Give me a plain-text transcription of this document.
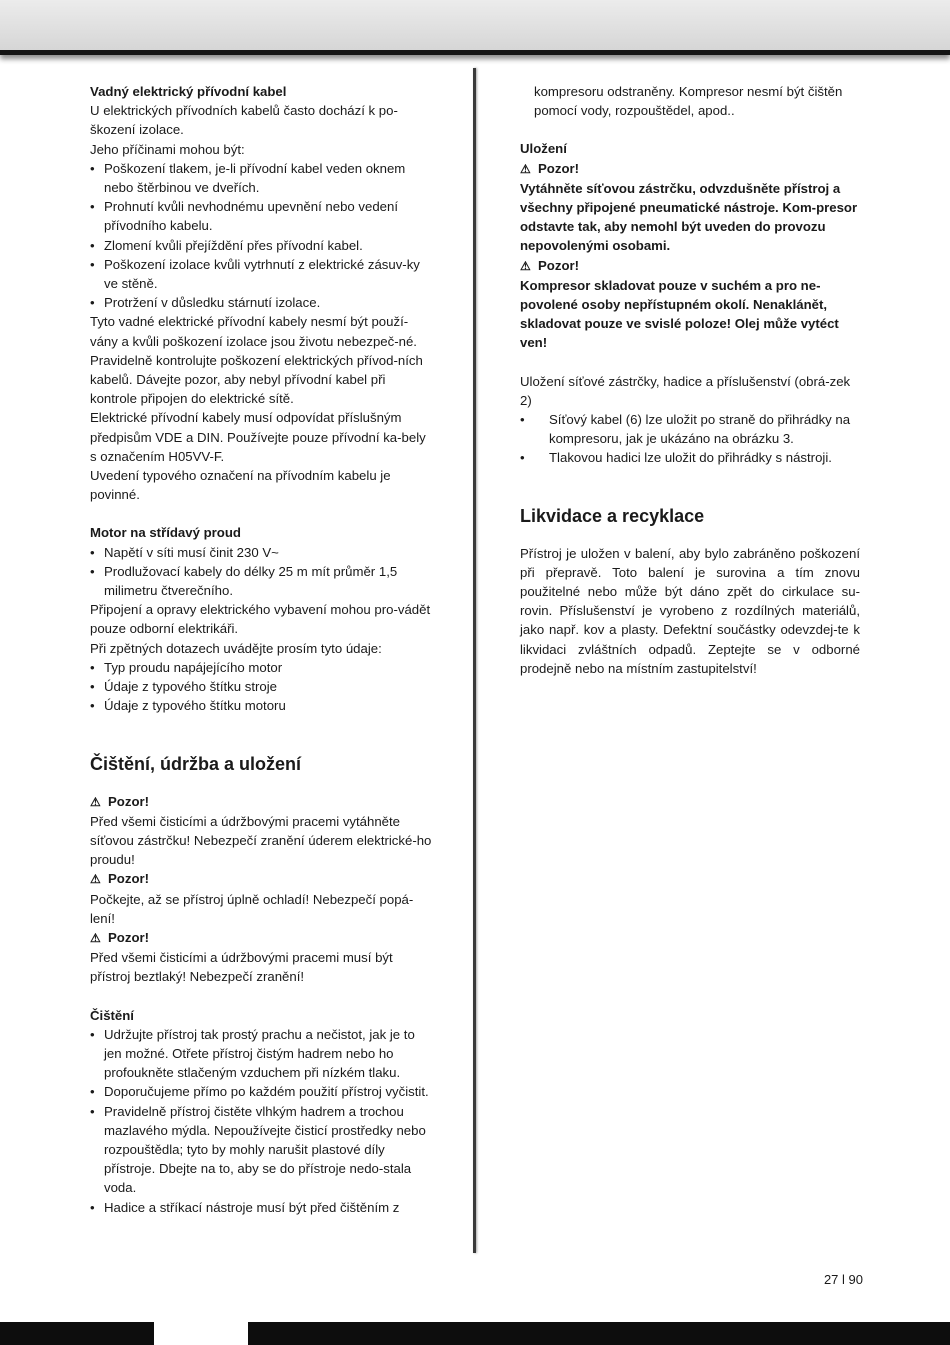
Vadný elektrický přívodní kabel

U elektrických přívodních kabelů často dochází k po-škození izolace.

Jeho příčinami mohou být:

• Poškození tlakem, je-li přívodní kabel veden oknem nebo štěrbinou ve dveřích.
• Prohnutí kvůli nevhodnému upevnění nebo vedení přívodního kabelu.
• Zlomení kvůli přejíždění přes přívodní kabel.
• Poškození izolace kvůli vytrhnutí z elektrické zásuv-ky ve stěně.
• Protržení v důsledku stárnutí izolace.

Tyto vadné elektrické přívodní kabely nesmí být použí-vány a kvůli poškození izolace jsou životu nebezpeč-né.

Pravidelně kontrolujte poškození elektrických přívod-ních kabelů. Dávejte pozor, aby nebyl přívodní kabel při kontrole připojen do elektrické sítě.

Elektrické přívodní kabely musí odpovídat příslušným předpisům VDE a DIN. Používejte pouze přívodní ka-bely s označením H05VV-F.

Uvedení typového označení na přívodním kabelu je povinné.

Motor na střídavý proud

• Napětí v síti musí činit 230 V~
• Prodlužovací kabely do délky 25 m mít průměr 1,5 milimetru čtverečního.

Připojení a opravy elektrického vybavení mohou pro-vádět pouze odborní elektrikáři.

Při zpětných dotazech uvádějte prosím tyto údaje:

• Typ proudu napájejícího motor
• Údaje z typového štítku stroje
• Údaje z typového štítku motoru

Čištění, údržba a uložení

⚠ Pozor!

Před všemi čisticími a údržbovými pracemi vytáhněte síťovou zástrčku! Nebezpečí zranění úderem elektrické-ho proudu!

⚠ Pozor!

Počkejte, až se přístroj úplně ochladí! Nebezpečí popá-lení!

⚠ Pozor!

Před všemi čisticími a údržbovými pracemi musí být přístroj beztlaký! Nebezpečí zranění!

Čištění

• Udržujte přístroj tak prostý prachu a nečistot, jak je to jen možné. Otřete přístroj čistým hadrem nebo ho profoukněte stlačeným vzduchem při nízkém tlaku.
• Doporučujeme přímo po každém použití přístroj vyčistit.
• Pravidelně přístroj čistěte vlhkým hadrem a trochou mazlavého mýdla. Nepoužívejte čisticí prostředky nebo rozpouštědla; tyto by mohly narušit plastové díly přístroje. Dbejte na to, aby se do přístroje nedo-stala voda.
• Hadice a stříkací nástroje musí být před čištěním z

kompresoru odstraněny. Kompresor nesmí být čištěn pomocí vody, rozpouštědel, apod..

Uložení

⚠ Pozor!

Vytáhněte síťovou zástrčku, odvzdušněte přístroj a všechny připojené pneumatické nástroje. Kom-presor odstavte tak, aby nemohl být uveden do provozu nepovolenými osobami.

⚠ Pozor!

Kompresor skladovat pouze v suchém a pro ne-povolené osoby nepřístupném okolí. Nenaklánět, skladovat pouze ve svislé poloze! Olej může vytéct ven!

Uložení síťové zástrčky, hadice a příslušenství (obrá-zek 2)

• Síťový kabel (6) lze uložit po straně do přihrádky na kompresoru, jak je ukázáno na obrázku 3.
• Tlakovou hadici lze uložit do přihrádky s nástroji.

Likvidace a recyklace

Přístroj je uložen v balení, aby bylo zabráněno poškození při přepravě. Toto balení je surovina a tím znovu použitelné nebo může být dáno zpět do cirkulace su-rovin. Příslušenství je vyrobeno z rozdílných materiálů, jako např. kov a plasty. Defektní součástky odevzdej-te k likvidaci zvláštních odpadů. Zeptejte se v odborné prodejně nebo na místním zastupitelství!

27 l 90
